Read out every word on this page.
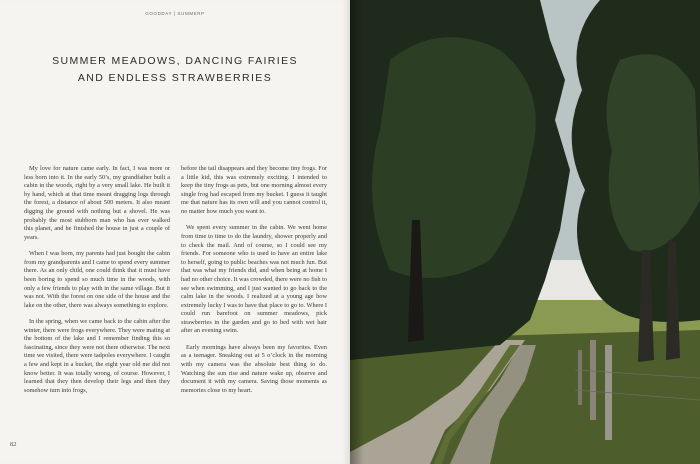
GOODDAY | SUMMERP
SUMMER MEADOWS, DANCING FAIRIES
AND ENDLESS STRAWBERRIES

My love for nature came early. In fact, I was more or less born into it. In the early 50’s, my grandfather built a cabin in the woods, right by a very small lake. He built it by hand, which at that time meant dragging logs through the forest, a distance of about 500 meters. It also meant digging the ground with nothing but a shovel. He was probably the most stubborn man who has ever walked this planet, and he finished the house in just a couple of years.

When I was born, my parents had just bought the cabin from my grandparents and I came to spend every summer there. As an only child, one could think that it must have been boring to spend so much time in the woods, with only a few friends to play with in the same village. But it was not. With the forest on one side of the house and the lake on the other, there was always something to explore.

In the spring, when we came back to the cabin after the winter, there were frogs everywhere. They were mating at the bottom of the lake and I remember finding this so fascinating, since they were not there otherwise. The next time we visited, there were tadpoles everywhere. I caught a few and kept in a bucket, the eight year old me did not know better. It was totally wrong, of course. However, I learned that they then develop their legs and then they somehow turn into frogs,

before the tail disappears and they become tiny frogs. For a little kid, this was extremely exciting. I intended to keep the tiny frogs as pets, but one morning almost every single frog had escaped from my bucket. I guess it taught me that nature has its own will and you cannot control it, no matter how much you want to.

We spent every summer in the cabin. We went home from time to time to do the laundry, shower properly and to check the mail. And of course, so I could see my friends. For someone who is used to have an entire lake to herself, going to public beaches was not much fun. But that was what my friends did, and when being at home I had no other choice. It was crowded, there were no fish to see when swimming, and I just wanted to go back to the calm lake in the woods. I realized at a young age how extremely lucky I was to have that place to go to. Where I could run barefoot on summer meadows, pick strawberries in the garden and go to bed with wet hair after an evening swim.

Early mornings have always been my favorites. Even as a teenager. Sneaking out at 5 o’clock in the morning with my camera was the absolute best thing to do. Watching the sun rise and nature wake up, observe and document it with my camera. Saving those moments as memories close to my heart.

82
